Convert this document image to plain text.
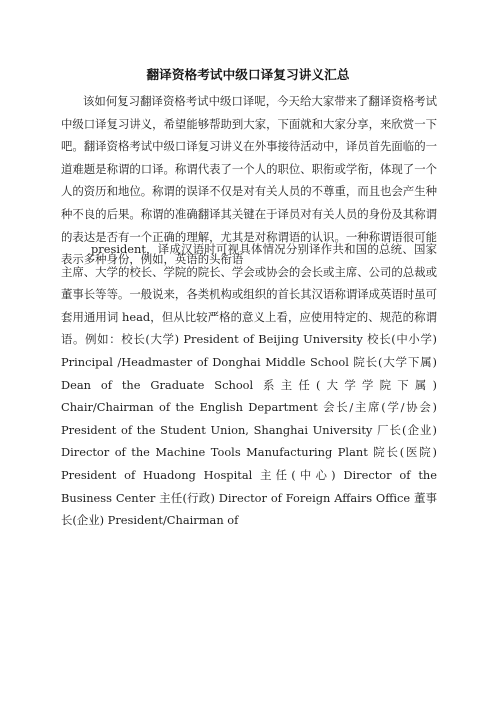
翻译资格考试中级口译复习讲义汇总

该如何复习翻译资格考试中级口译呢，今天给大家带来了翻译资格考试中级口译复习讲义，希望能够帮助到大家，下面就和大家分享，来欣赏一下吧。翻译资格考试中级口译复习讲义在外事接待活动中，译员首先面临的一道难题是称谓的口译。称谓代表了一个人的职位、职衔或学衔，体现了一个人的资历和地位。称谓的误译不仅是对有关人员的不尊重，而且也会产生种种不良的后果。称谓的准确翻译其关键在于译员对有关人员的身份及其称谓的表达是否有一个正确的理解，尤其是对称谓语的认识。一种称谓语很可能表示多种身份，例如，英语的头衔语

president，译成汉语时可视具体情况分别译作共和国的总统、国家主席、大学的校长、学院的院长、学会或协会的会长或主席、公司的总裁或董事长等等。一般说来，各类机构或组织的首长其汉语称谓译成英语时虽可套用通用词 head，但从比较严格的意义上看，应使用特定的、规范的称谓语。例如：校长(大学) President of Beijing University 校长(中小学) Principal /Headmaster of Donghai Middle School 院长(大学下属) Dean of the Graduate School 系主任(大学学院下属) Chair/Chairman of the English Department 会长/主席(学/协会) President of the Student Union, Shanghai University 厂长(企业) Director of the Machine Tools Manufacturing Plant 院长(医院) President of Huadong Hospital 主任(中心) Director of the Business Center 主任(行政) Director of Foreign Affairs Office 董事长(企业) President/Chairman of
